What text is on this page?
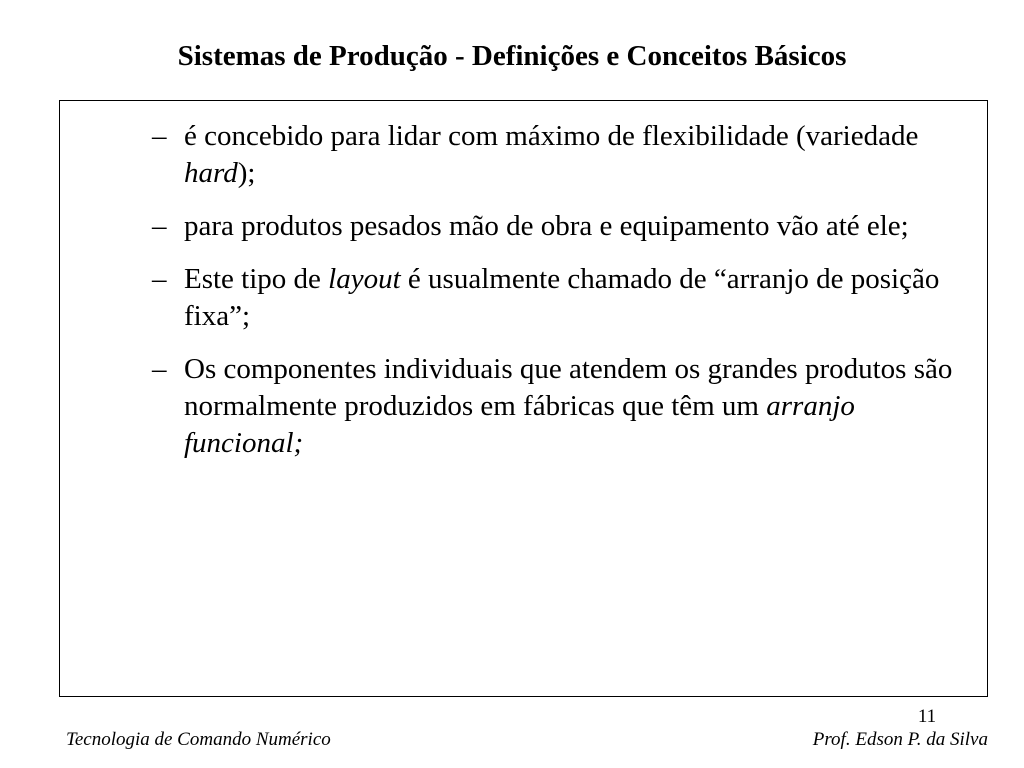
Sistemas de Produção - Definições e Conceitos Básicos
– é concebido para lidar com máximo de flexibilidade (variedade hard);
– para produtos pesados mão de obra e equipamento vão até ele;
– Este tipo de layout é usualmente chamado de “arranjo de posição fixa”;
– Os componentes individuais que atendem os grandes produtos são normalmente produzidos em fábricas que têm um arranjo funcional;
11
Tecnologia de Comando Numérico	Prof. Edson P. da Silva
